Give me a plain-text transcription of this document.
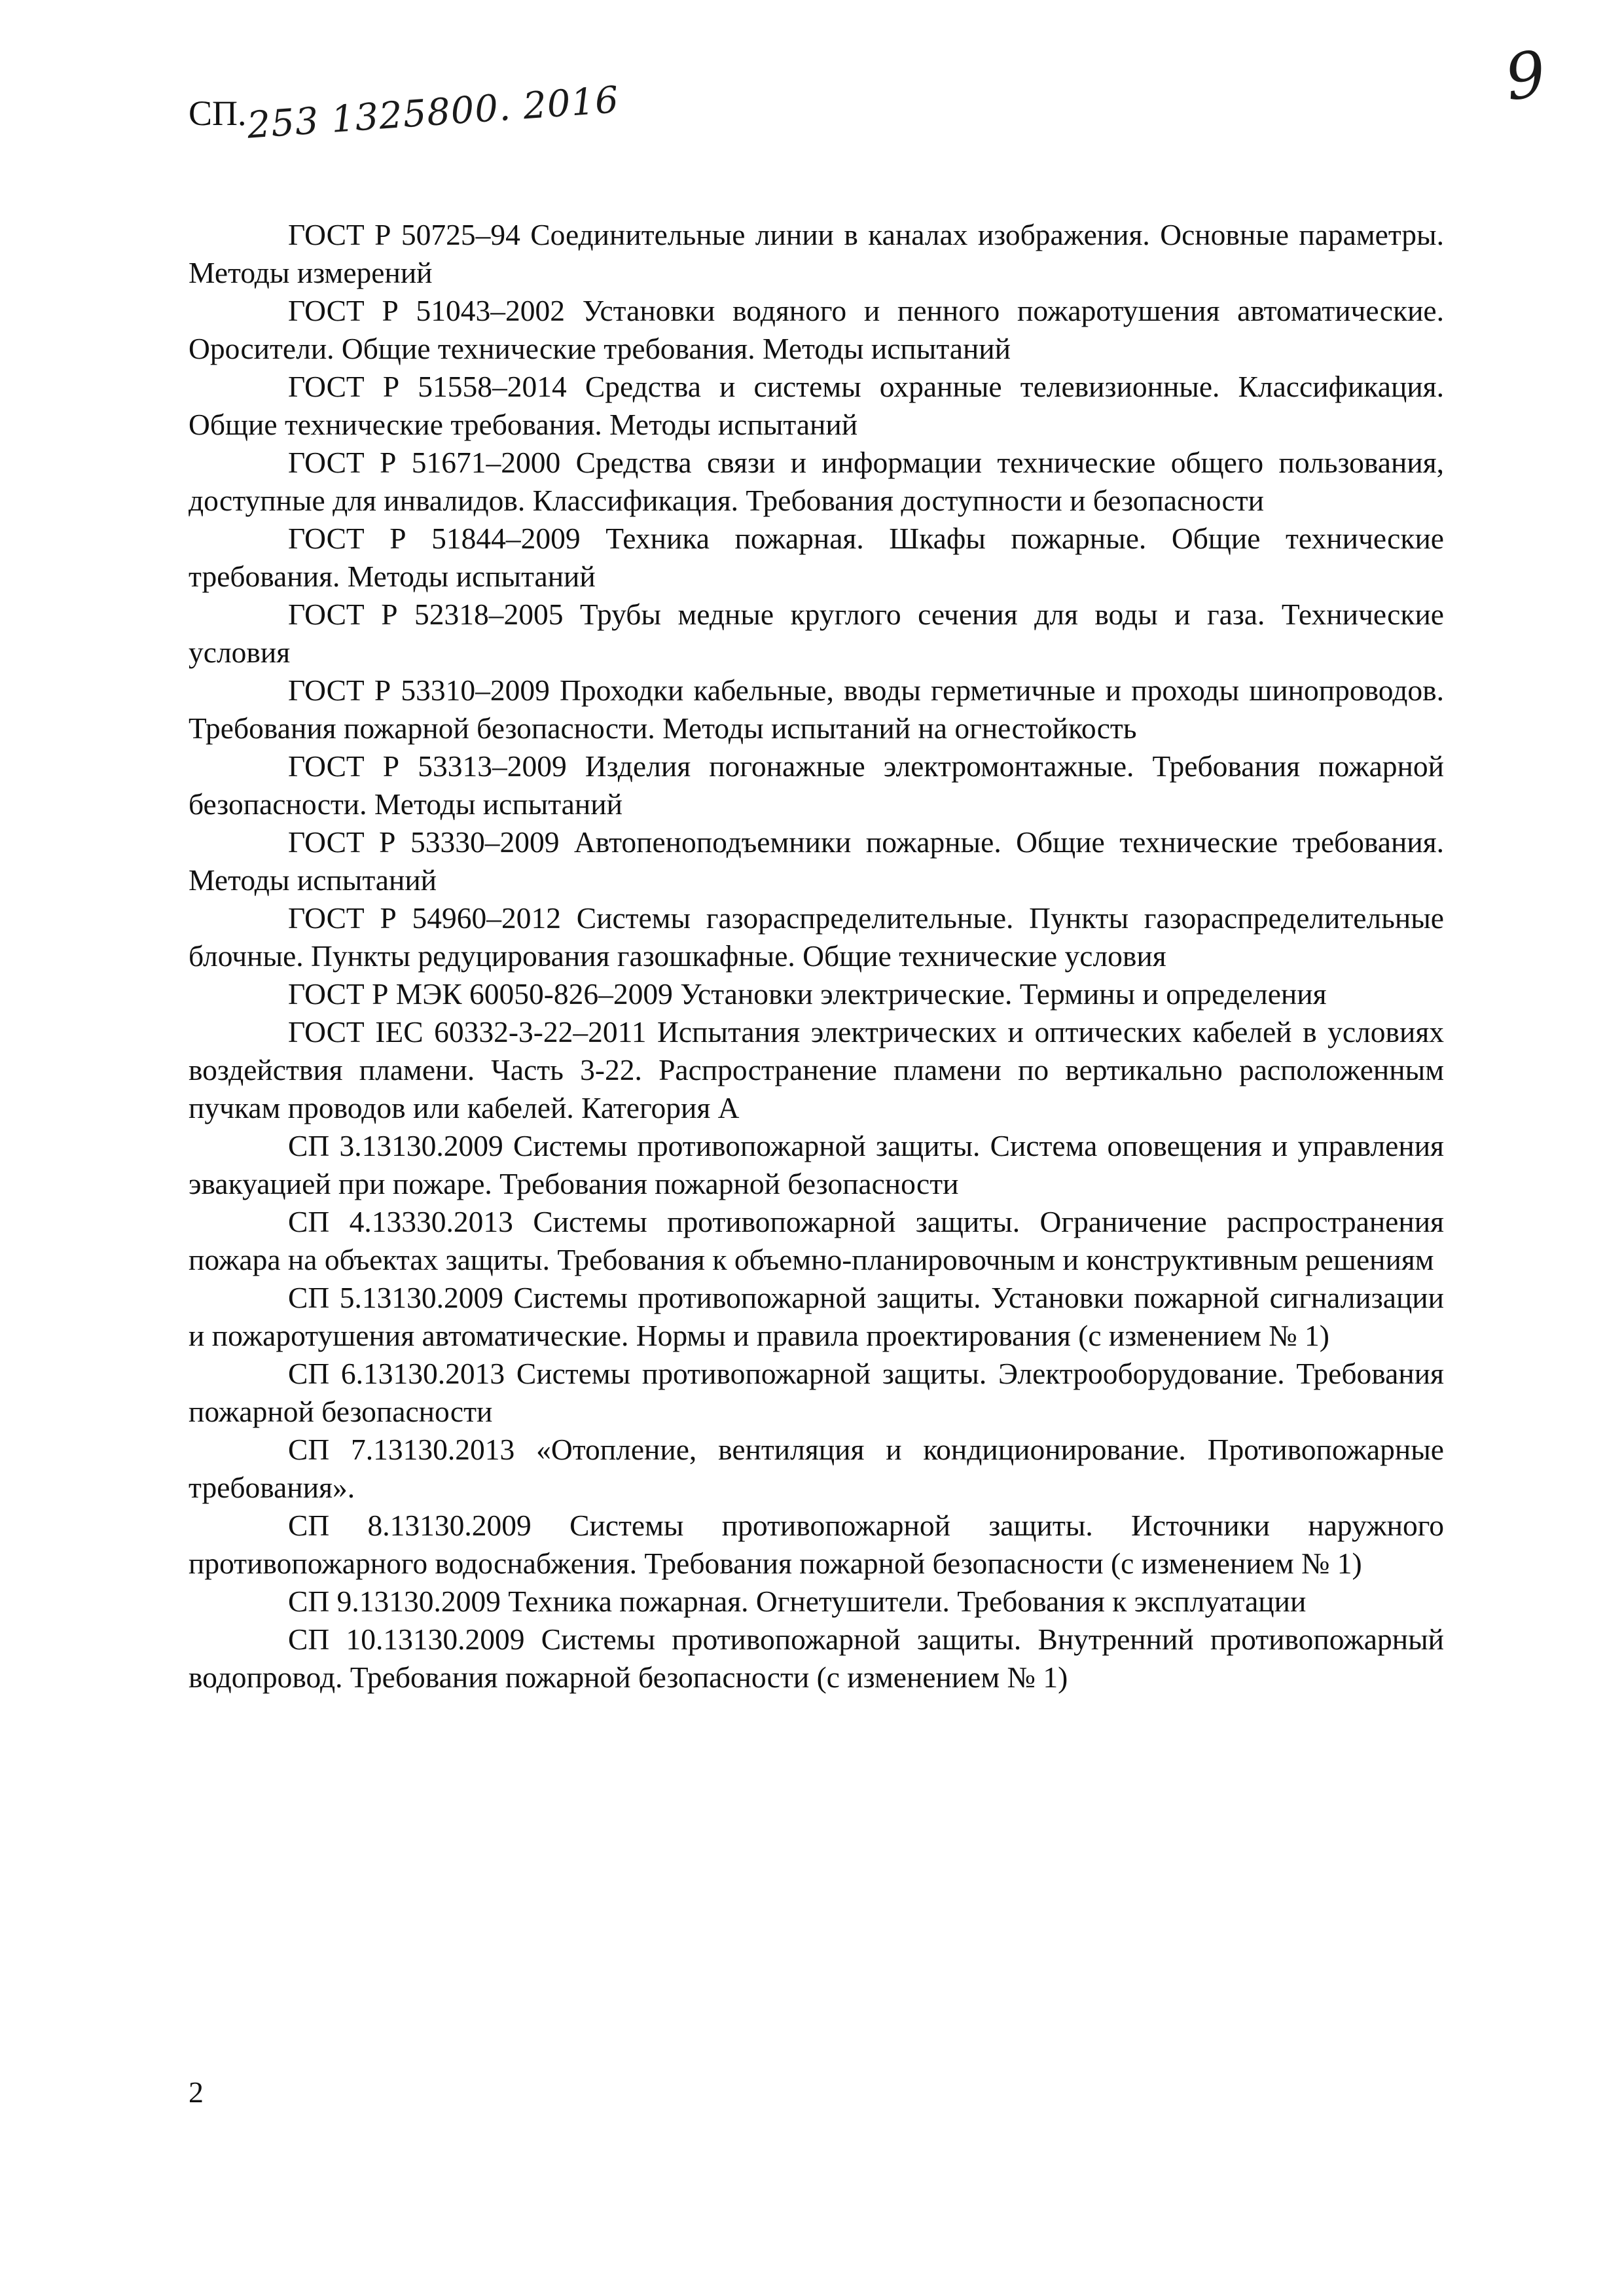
9
СП.253 1325800. 2016

ГОСТ Р 50725–94 Соединительные линии в каналах изображения. Основные параметры. Методы измерений

ГОСТ Р 51043–2002 Установки водяного и пенного пожаротушения автоматические. Оросители. Общие технические требования. Методы испытаний

ГОСТ Р 51558–2014 Средства и системы охранные телевизионные. Классификация. Общие технические требования. Методы испытаний

ГОСТ Р 51671–2000 Средства связи и информации технические общего пользования, доступные для инвалидов. Классификация. Требования доступности и безопасности

ГОСТ Р 51844–2009 Техника пожарная. Шкафы пожарные. Общие технические требования. Методы испытаний

ГОСТ Р 52318–2005 Трубы медные круглого сечения для воды и газа. Технические условия

ГОСТ Р 53310–2009 Проходки кабельные, вводы герметичные и проходы шинопроводов. Требования пожарной безопасности. Методы испытаний на огнестойкость

ГОСТ Р 53313–2009 Изделия погонажные электромонтажные. Требования пожарной безопасности. Методы испытаний

ГОСТ Р 53330–2009 Автопеноподъемники пожарные. Общие технические требования. Методы испытаний

ГОСТ Р 54960–2012 Системы газораспределительные. Пункты газораспределительные блочные. Пункты редуцирования газошкафные. Общие технические условия

ГОСТ Р МЭК 60050-826–2009 Установки электрические. Термины и определения

ГОСТ IEC 60332-3-22–2011 Испытания электрических и оптических кабелей в условиях воздействия пламени. Часть 3-22. Распространение пламени по вертикально расположенным пучкам проводов или кабелей. Категория А

СП 3.13130.2009 Системы противопожарной защиты. Система оповещения и управления эвакуацией при пожаре. Требования пожарной безопасности

СП 4.13330.2013 Системы противопожарной защиты. Ограничение распространения пожара на объектах защиты. Требования к объемно-планировочным и конструктивным решениям

СП 5.13130.2009 Системы противопожарной защиты. Установки пожарной сигнализации и пожаротушения автоматические. Нормы и правила проектирования (с изменением № 1)

СП 6.13130.2013 Системы противопожарной защиты. Электрооборудование. Требования пожарной безопасности

СП 7.13130.2013 «Отопление, вентиляция и кондиционирование. Противопожарные требования».

СП 8.13130.2009 Системы противопожарной защиты. Источники наружного противопожарного водоснабжения. Требования пожарной безопасности (с изменением № 1)

СП 9.13130.2009 Техника пожарная. Огнетушители. Требования к эксплуатации

СП 10.13130.2009 Системы противопожарной защиты. Внутренний противопожарный водопровод. Требования пожарной безопасности (с изменением № 1)

2
